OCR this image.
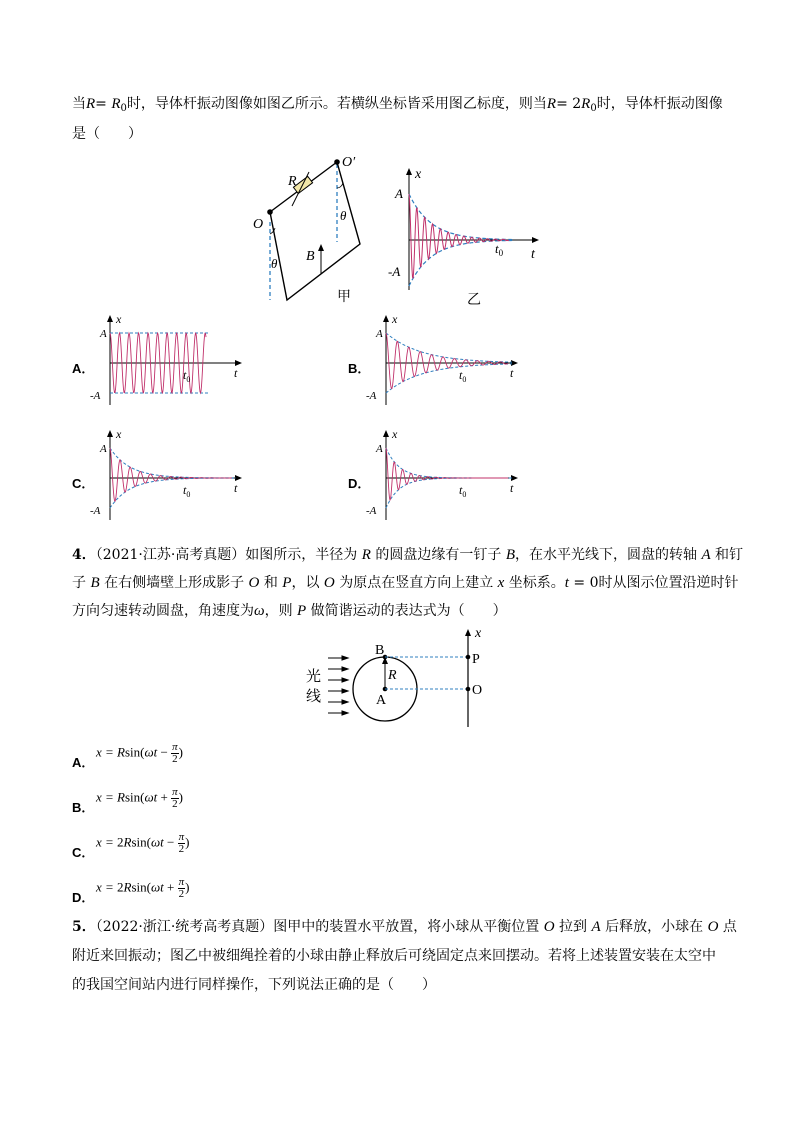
当$R= R_0$时，导体杆振动图像如图乙所示。若横纵坐标皆采用图乙标度，则当$R= 2R_0$时，导体杆振动图像
是（　　）
O
O′
R
B
θ
θ
甲
x
A
-A
$t_0$ t
乙
A．
x
A
-A
t
$t_0$
B．
x
A
-A
t
$t_0$
C．
x
A
-A
t
$t_0$
D．
x
A
-A
t
$t_0$
4．（2021·江苏·高考真题）如图所示，半径为 R 的圆盘边缘有一钉子 B，在水平光线下，圆盘的转轴 A 和钉
子 B 在右侧墙壁上形成影子 O 和 P，以 O 为原点在竖直方向上建立 x 坐标系。t = 0时从图示位置沿逆时针
方向匀速转动圆盘，角速度为ω，则 P 做简谐运动的表达式为（　　）
光
线
B
R
A
x
P
O
A．
$x = Rsin(\omega t - \frac{\pi}{2}$ )
B．
$x = Rsin(\omega t + \frac{\pi}{2}$ )
C．
$x = 2Rsin(\omega t - \frac{\pi}{2}$ )
D．
$x = 2Rsin(\omega t + \frac{\pi}{2}$ )
5．（2022·浙江·统考高考真题）图甲中的装置水平放置，将小球从平衡位置 O 拉到 A 后释放，小球在 O 点
附近来回振动；图乙中被细绳拴着的小球由静止释放后可绕固定点来回摆动。若将上述装置安装在太空中
的我国空间站内进行同样操作，下列说法正确的是（　　）
